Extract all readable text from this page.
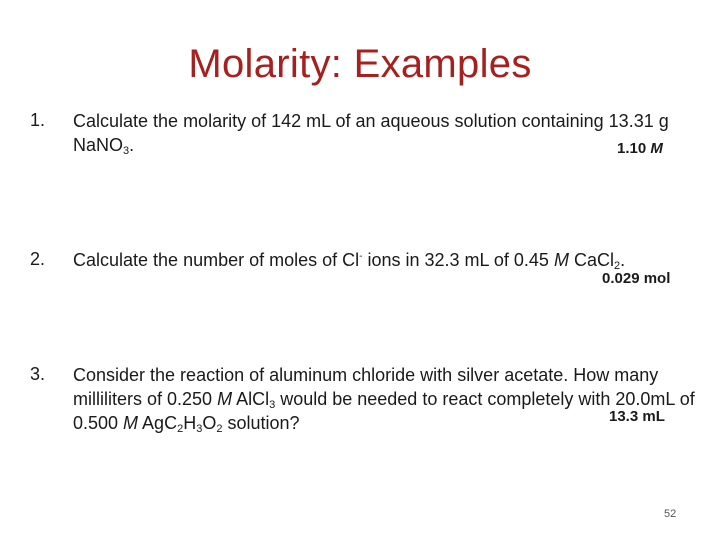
Molarity: Examples
1. Calculate the molarity of 142 mL of an aqueous solution containing 13.31 g NaNO$_3$.	1.10 M
2. Calculate the number of moles of Cl- ions in 32.3 mL of 0.45 M CaCl$_2$.
0.029 mol
3. Consider the reaction of aluminum chloride with silver acetate. How many milliliters of 0.250 M AlCl$_3$ would be needed to react completely with 20.0mL of 0.500 M $AgC_2H_3O_2$ solution?	13.3 mL
52
